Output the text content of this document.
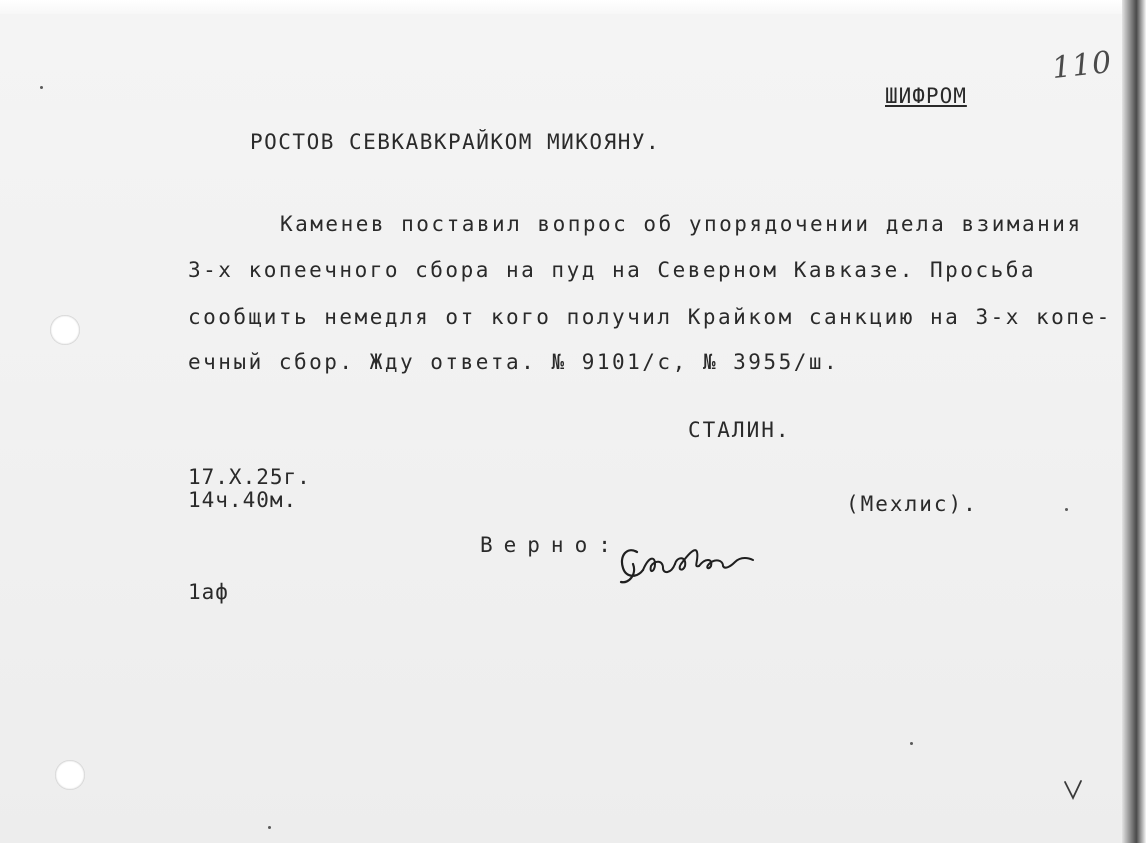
110
ШИФРОМ
РОСТОВ СЕВКАВКРАЙКОМ МИКОЯНУ.
Каменев поставил вопрос об упорядочении дела взимания
3-х копеечного сбора на пуд на Северном Кавказе. Просьба
сообщить немедля от кого получил Крайком санкцию на 3-х копе-
ечный сбор. Жду ответа. № 9101/с, № 3955/ш.
СТАЛИН.
17.X.25г.
14ч.40м.	(Мехлис).
Верно:
1аф
